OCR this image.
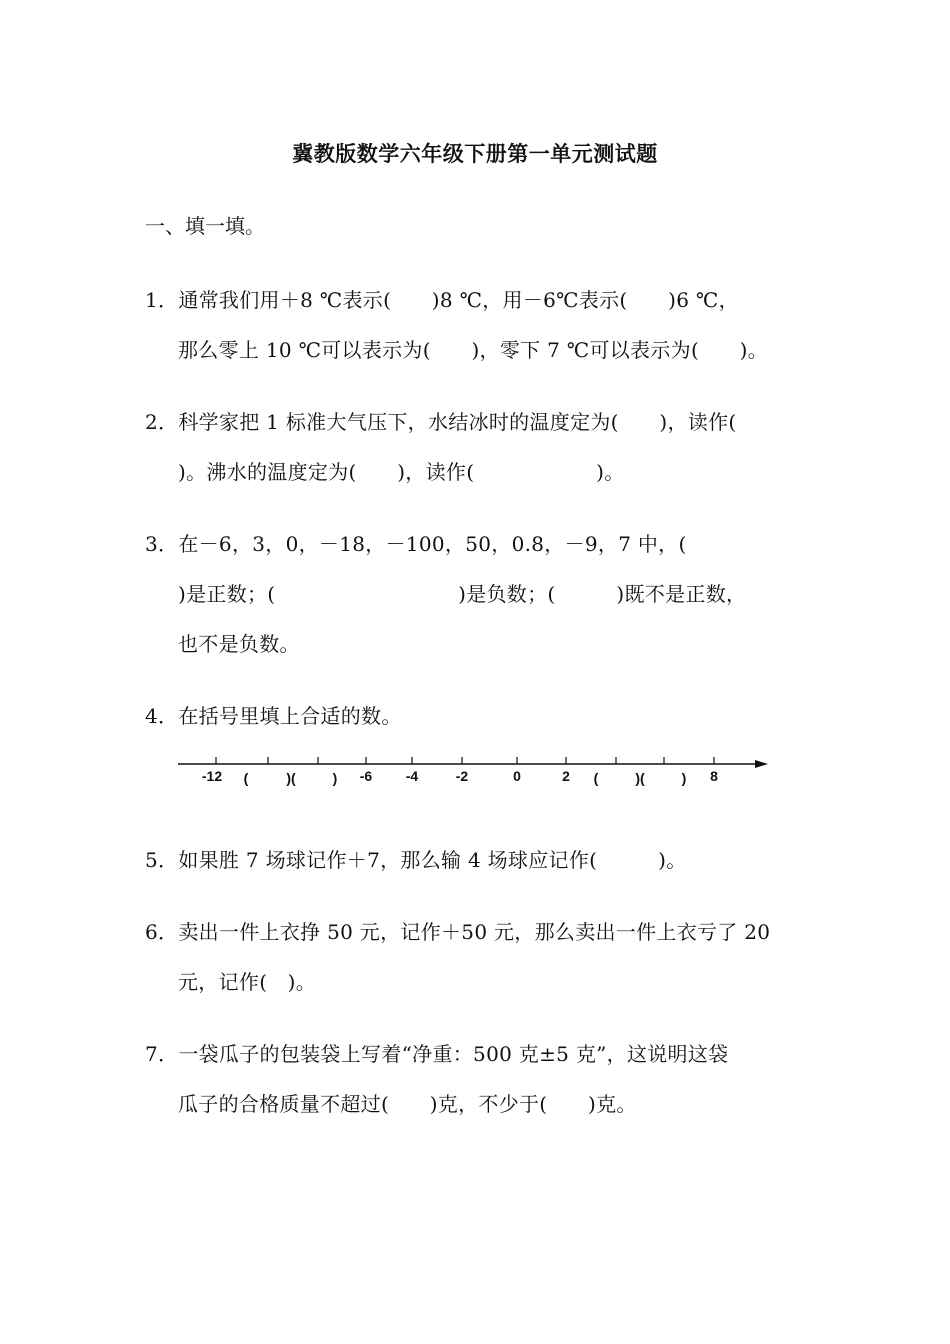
冀教版数学六年级下册第一单元测试题
一、填一填。
1．通常我们用＋8 ℃表示(　　)8 ℃，用－6℃表示(　　)6 ℃，
那么零上 10 ℃可以表示为(　　)，零下 7 ℃可以表示为(　　)。
2．科学家把 1 标准大气压下，水结冰时的温度定为(　　)，读作(
)。沸水的温度定为(　　)，读作(　　　　　　)。
3．在－6，3，0，－18，－100，50，0.8，－9，7 中，(
)是正数；(　　　　　　　　　)是负数；(　　　)既不是正数，
也不是负数。
4．在括号里填上合适的数。
-12 (	)(	) -6 -4	-2	0	2 (	)(	) 8
5．如果胜 7 场球记作＋7，那么输 4 场球应记作(　　　)。
6．卖出一件上衣挣 50 元，记作＋50 元，那么卖出一件上衣亏了 20
元，记作(　)。
7．一袋瓜子的包装袋上写着“净重：500 克±5 克”，这说明这袋
瓜子的合格质量不超过(　　)克，不少于(　　)克。
